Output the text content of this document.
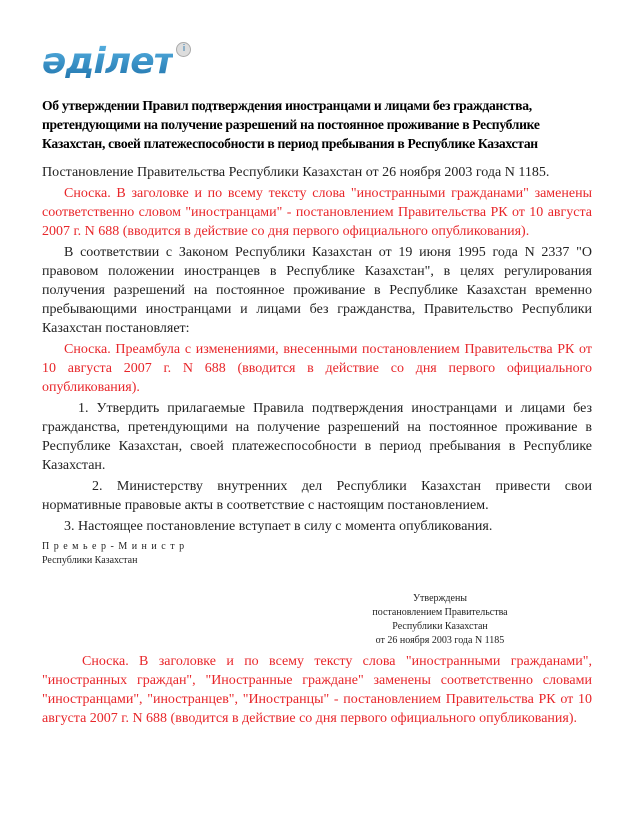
әділет	i
Об утверждении Правил подтверждения иностранцами и лицами без гражданства, претендующими на получение разрешений на постоянное проживание в Республике Казахстан, своей платежеспособности в период пребывания в Республике Казахстан
Постановление Правительства Республики Казахстан от 26 ноября 2003 года N 1185.
Сноска. В заголовке и по всему тексту слова "иностранными гражданами" заменены соответственно словом "иностранцами" - постановлением Правительства РК от 10 августа 2007 г. N 688 (вводится в действие со дня первого официального опубликования).
В соответствии с Законом Республики Казахстан от 19 июня 1995 года N 2337 "О правовом положении иностранцев в Республике Казахстан", в целях регулирования получения разрешений на постоянное проживание в Республике Казахстан временно пребывающими иностранцами и лицами без гражданства, Правительство Республики Казахстан постановляет:
Сноска. Преамбула с изменениями, внесенными постановлением Правительства РК от 10 августа 2007 г. N 688 (вводится в действие со дня первого официального опубликования).
1. Утвердить прилагаемые Правила подтверждения иностранцами и лицами без гражданства, претендующими на получение разрешений на постоянное проживание в Республике Казахстан, своей платежеспособности в период пребывания в Республике Казахстан.
2. Министерству внутренних дел Республики Казахстан привести свои нормативные правовые акты в соответствие с настоящим постановлением.
3. Настоящее постановление вступает в силу с момента опубликования.
П р е м ь е р - М и н и с т р
Республики Казахстан
Утверждены
постановлением Правительства
Республики Казахстан
от 26 ноября 2003 года N 1185
Сноска. В заголовке и по всему тексту слова "иностранными гражданами", "иностранных граждан", "Иностранные граждане" заменены соответственно словами "иностранцами", "иностранцев", "Иностранцы" - постановлением Правительства РК от 10 августа 2007 г. N 688 (вводится в действие со дня первого официального опубликования).
